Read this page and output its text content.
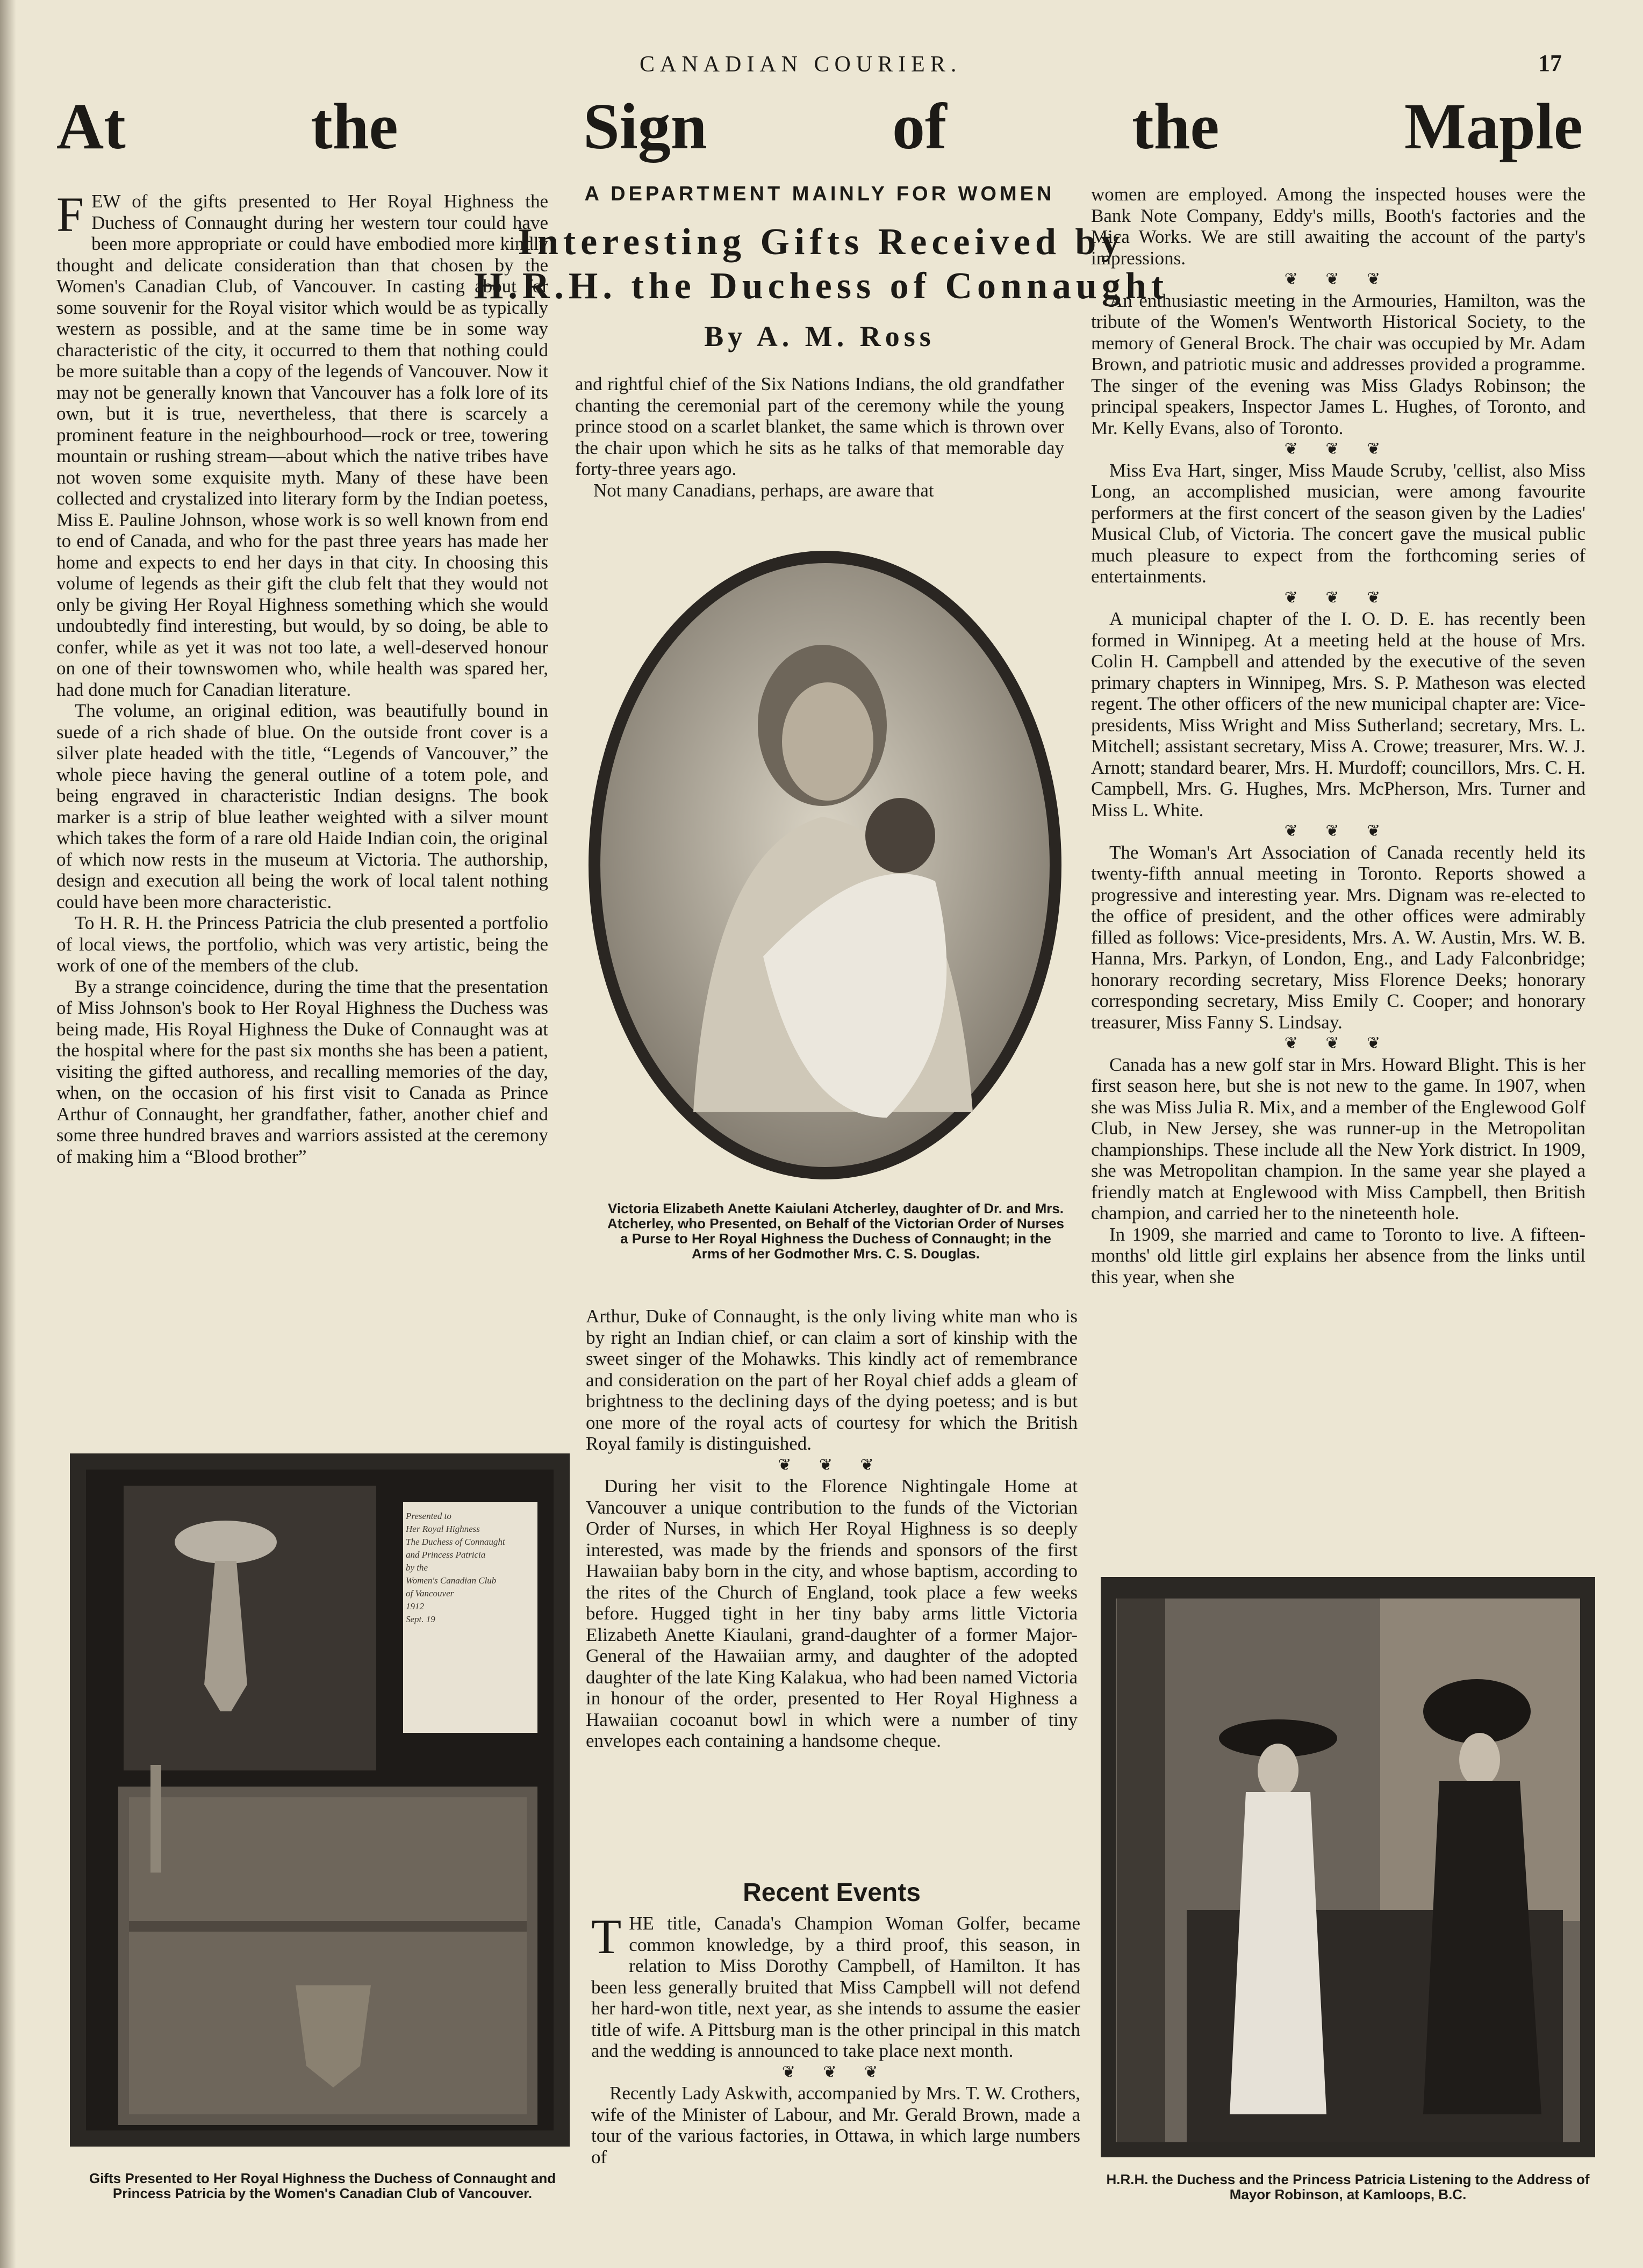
CANADIAN COURIER.	17
At	the	Sign	of	the	Maple
F EW of the gifts presented to Her Royal Highness the Duchess of Connaught during her western tour could have been more appropriate or could have embodied more kindly thought and delicate consideration than that chosen by the Women's Canadian Club, of Vancouver. In casting about for some souvenir for the Royal visitor which would be as typically western as possible, and at the same time be in some way characteristic of the city, it occurred to them that nothing could be more suitable than a copy of the legends of Vancouver. Now it may not be generally known that Vancouver has a folk lore of its own, but it is true, nevertheless, that there is scarcely a prominent feature in the neighbourhood—rock or tree, towering mountain or rushing stream—about which the native tribes have not woven some exquisite myth. Many of these have been collected and crystalized into literary form by the Indian poetess, Miss E. Pauline Johnson, whose work is so well known from end to end of Canada, and who for the past three years has made her home and expects to end her days in that city. In choosing this volume of legends as their gift the club felt that they would not only be giving Her Royal Highness something which she would undoubtedly find interesting, but would, by so doing, be able to confer, while as yet it was not too late, a well-deserved honour on one of their townswomen who, while health was spared her, had done much for Canadian literature.

The volume, an original edition, was beautifully bound in suede of a rich shade of blue. On the outside front cover is a silver plate headed with the title, “Legends of Vancouver,” the whole piece having the general outline of a totem pole, and being engraved in characteristic Indian designs. The book marker is a strip of blue leather weighted with a silver mount which takes the form of a rare old Haide Indian coin, the original of which now rests in the museum at Victoria. The authorship, design and execution all being the work of local talent nothing could have been more characteristic.

To H. R. H. the Princess Patricia the club presented a portfolio of local views, the portfolio, which was very artistic, being the work of one of the members of the club.

By a strange coincidence, during the time that the presentation of Miss Johnson's book to Her Royal Highness the Duchess was being made, His Royal Highness the Duke of Connaught was at the hospital where for the past six months she has been a patient, visiting the gifted authoress, and recalling memories of the day, when, on the occasion of his first visit to Canada as Prince Arthur of Connaught, her grandfather, father, another chief and some three hundred braves and warriors assisted at the ceremony of making him a “Blood brother”

A DEPARTMENT MAINLY FOR WOMEN
Interesting Gifts Received by H.R.H. the Duchess of Connaught
By A. M. Ross

and rightful chief of the Six Nations Indians, the old grandfather chanting the ceremonial part of the ceremony while the young prince stood on a scarlet blanket, the same which is thrown over the chair upon which he sits as he talks of that memorable day forty-three years ago.

Not many Canadians, perhaps, are aware that

Victoria Elizabeth Anette Kaiulani Atcherley, daughter of Dr. and Mrs. Atcherley, who Presented, on Behalf of the Victorian Order of Nurses a Purse to Her Royal Highness the Duchess of Connaught; in the Arms of her Godmother Mrs. C. S. Douglas.

Arthur, Duke of Connaught, is the only living white man who is by right an Indian chief, or can claim a sort of kinship with the sweet singer of the Mohawks. This kindly act of remembrance and consideration on the part of her Royal chief adds a gleam of brightness to the declining days of the dying poetess; and is but one more of the royal acts of courtesy for which the British Royal family is distinguished.

❦ ❦ ❦

During her visit to the Florence Nightingale Home at Vancouver a unique contribution to the funds of the Victorian Order of Nurses, in which Her Royal Highness is so deeply interested, was made by the friends and sponsors of the first Hawaiian baby born in the city, and whose baptism, according to the rites of the Church of England, took place a few weeks before. Hugged tight in her tiny baby arms little Victoria Elizabeth Anette Kiaulani, grand-daughter of a former Major-General of the Hawaiian army, and daughter of the adopted daughter of the late King Kalakua, who had been named Victoria in honour of the order, presented to Her Royal Highness a Hawaiian cocoanut bowl in which were a number of tiny envelopes each containing a handsome cheque.

Recent Events
T HE title, Canada's Champion Woman Golfer, became common knowledge, by a third proof, this season, in relation to Miss Dorothy Campbell, of Hamilton. It has been less generally bruited that Miss Campbell will not defend her hard-won title, next year, as she intends to assume the easier title of wife. A Pittsburg man is the other principal in this match and the wedding is announced to take place next month.

❦ ❦ ❦

Recently Lady Askwith, accompanied by Mrs. T. W. Crothers, wife of the Minister of Labour, and Mr. Gerald Brown, made a tour of the various factories, in Ottawa, in which large numbers of

women are employed. Among the inspected houses were the Bank Note Company, Eddy's mills, Booth's factories and the Mica Works. We are still awaiting the account of the party's impressions.

❦ ❦ ❦

An enthusiastic meeting in the Armouries, Hamilton, was the tribute of the Women's Wentworth Historical Society, to the memory of General Brock. The chair was occupied by Mr. Adam Brown, and patriotic music and addresses provided a programme. The singer of the evening was Miss Gladys Robinson; the principal speakers, Inspector James L. Hughes, of Toronto, and Mr. Kelly Evans, also of Toronto.

❦ ❦ ❦

Miss Eva Hart, singer, Miss Maude Scruby, 'cellist, also Miss Long, an accomplished musician, were among favourite performers at the first concert of the season given by the Ladies' Musical Club, of Victoria. The concert gave the musical public much pleasure to expect from the forthcoming series of entertainments.

❦ ❦ ❦

A municipal chapter of the I. O. D. E. has recently been formed in Winnipeg. At a meeting held at the house of Mrs. Colin H. Campbell and attended by the executive of the seven primary chapters in Winnipeg, Mrs. S. P. Matheson was elected regent. The other officers of the new municipal chapter are: Vice-presidents, Miss Wright and Miss Sutherland; secretary, Mrs. L. Mitchell; assistant secretary, Miss A. Crowe; treasurer, Mrs. W. J. Arnott; standard bearer, Mrs. H. Murdoff; councillors, Mrs. C. H. Campbell, Mrs. G. Hughes, Mrs. McPherson, Mrs. Turner and Miss L. White.

❦ ❦ ❦

The Woman's Art Association of Canada recently held its twenty-fifth annual meeting in Toronto. Reports showed a progressive and interesting year. Mrs. Dignam was re-elected to the office of president, and the other offices were admirably filled as follows: Vice-presidents, Mrs. A. W. Austin, Mrs. W. B. Hanna, Mrs. Parkyn, of London, Eng., and Lady Falconbridge; honorary recording secretary, Miss Florence Deeks; honorary corresponding secretary, Miss Emily C. Cooper; and honorary treasurer, Miss Fanny S. Lindsay.

❦ ❦ ❦

Canada has a new golf star in Mrs. Howard Blight. This is her first season here, but she is not new to the game. In 1907, when she was Miss Julia R. Mix, and a member of the Englewood Golf Club, in New Jersey, she was runner-up in the Metropolitan championships. These include all the New York district. In 1909, she was Metropolitan champion. In the same year she played a friendly match at Englewood with Miss Campbell, then British champion, and carried her to the nineteenth hole.

In 1909, she married and came to Toronto to live. A fifteen-months' old little girl explains her absence from the links until this year, when she

Presented to
Her Royal Highness
The Duchess of Connaught
and Princess Patricia
by the
Women's Canadian Club
of Vancouver
1912
Sept. 19
Gifts Presented to Her Royal Highness the Duchess of Connaught and Princess Patricia by the Women's Canadian Club of Vancouver.
H.R.H. the Duchess and the Princess Patricia Listening to the Address of Mayor Robinson, at Kamloops, B.C.
